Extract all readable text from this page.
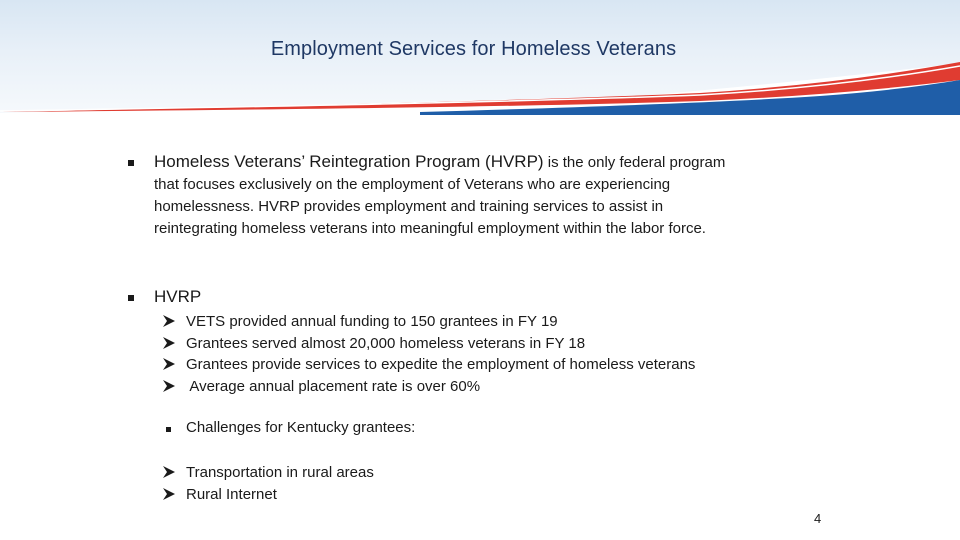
Employment Services for Homeless Veterans

Homeless Veterans’ Reintegration Program (HVRP) is the only federal program

that focuses exclusively on the employment of Veterans who are experiencing

homelessness. HVRP provides employment and training services to assist in

reintegrating homeless veterans into meaningful employment within the labor force.

HVRP
VETS provided annual funding to 150 grantees in FY 19
Grantees served almost 20,000 homeless veterans in FY 18
Grantees provide services to expedite the employment of homeless veterans
Average annual placement rate is over 60%
Challenges for Kentucky grantees:
Transportation in rural areas
Rural Internet
4
